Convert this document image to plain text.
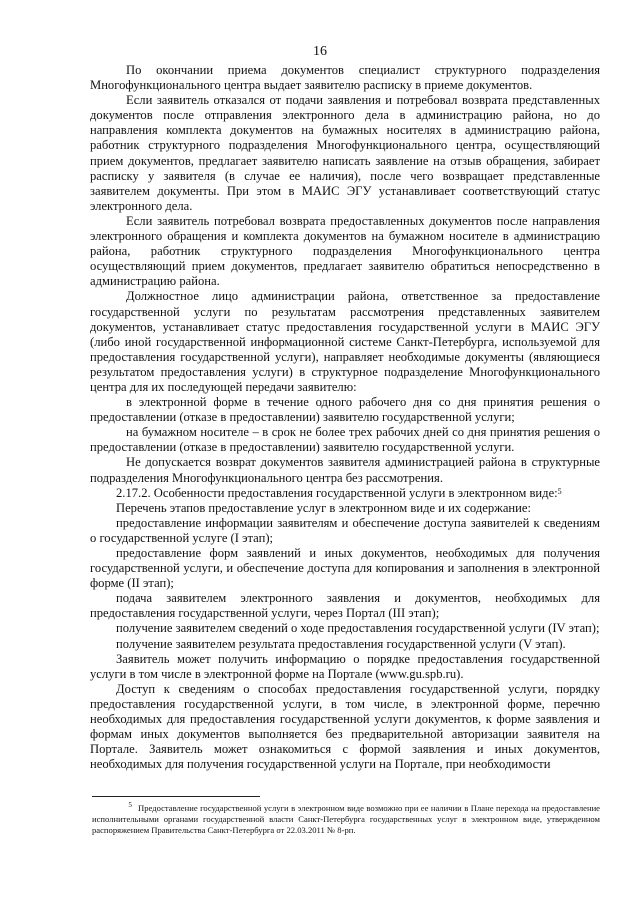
16

По окончании приема документов специалист структурного подразделения Многофункционального центра выдает заявителю расписку в приеме документов.

Если заявитель отказался от подачи заявления и потребовал возврата представленных документов после отправления электронного дела в администрацию района, но до направления комплекта документов на бумажных носителях в администрацию района, работник структурного подразделения Многофункционального центра, осуществляющий прием документов, предлагает заявителю написать заявление на отзыв обращения, забирает расписку у заявителя (в случае ее наличия), после чего возвращает представленные заявителем документы. При этом в МАИС ЭГУ устанавливает соответствующий статус электронного дела.

Если заявитель потребовал возврата предоставленных документов после направления электронного обращения и комплекта документов на бумажном носителе в администрацию района, работник структурного подразделения Многофункционального центра осуществляющий прием документов, предлагает заявителю обратиться непосредственно в администрацию района.

Должностное лицо администрации района, ответственное за предоставление государственной услуги по результатам рассмотрения представленных заявителем документов, устанавливает статус предоставления государственной услуги в МАИС ЭГУ (либо иной государственной информационной системе Санкт-Петербурга, используемой для предоставления государственной услуги), направляет необходимые документы (являющиеся результатом предоставления услуги) в структурное подразделение Многофункционального центра для их последующей передачи заявителю:

в электронной форме в течение одного рабочего дня со дня принятия решения о предоставлении (отказе в предоставлении) заявителю государственной услуги;

на бумажном носителе – в срок не более трех рабочих дней со дня принятия решения о предоставлении (отказе в предоставлении) заявителю государственной услуги.

Не допускается возврат документов заявителя администрацией района в структурные подразделения Многофункционального центра без рассмотрения.

2.17.2. Особенности предоставления государственной услуги в электронном виде:$^5$

Перечень этапов предоставление услуг в электронном виде и их содержание:

предоставление информации заявителям и обеспечение доступа заявителей к сведениям о государственной услуге (I этап);

предоставление форм заявлений и иных документов, необходимых для получения государственной услуги, и обеспечение доступа для копирования и заполнения в электронной форме (II этап);

подача заявителем электронного заявления и документов, необходимых для предоставления государственной услуги, через Портал (III этап);

получение заявителем сведений о ходе предоставления государственной услуги (IV этап);

получение заявителем результата предоставления государственной услуги (V этап).

Заявитель может получить информацию о порядке предоставления государственной услуги в том числе в электронной форме на Портале (www.gu.spb.ru).

Доступ к сведениям о способах предоставления государственной услуги, порядку предоставления государственной услуги, в том числе, в электронной форме, перечню необходимых для предоставления государственной услуги документов, к форме заявления и формам иных документов выполняется без предварительной авторизации заявителя на Портале. Заявитель может ознакомиться с формой заявления и иных документов, необходимых для получения государственной услуги на Портале, при необходимости

$^5$ Предоставление государственной услуги в электронном виде возможно при ее наличии в Плане перехода на предоставление исполнительными органами государственной власти Санкт-Петербурга государственных услуг в электронном виде, утвержденном распоряжением Правительства Санкт-Петербурга от 22.03.2011 № 8-рп.
